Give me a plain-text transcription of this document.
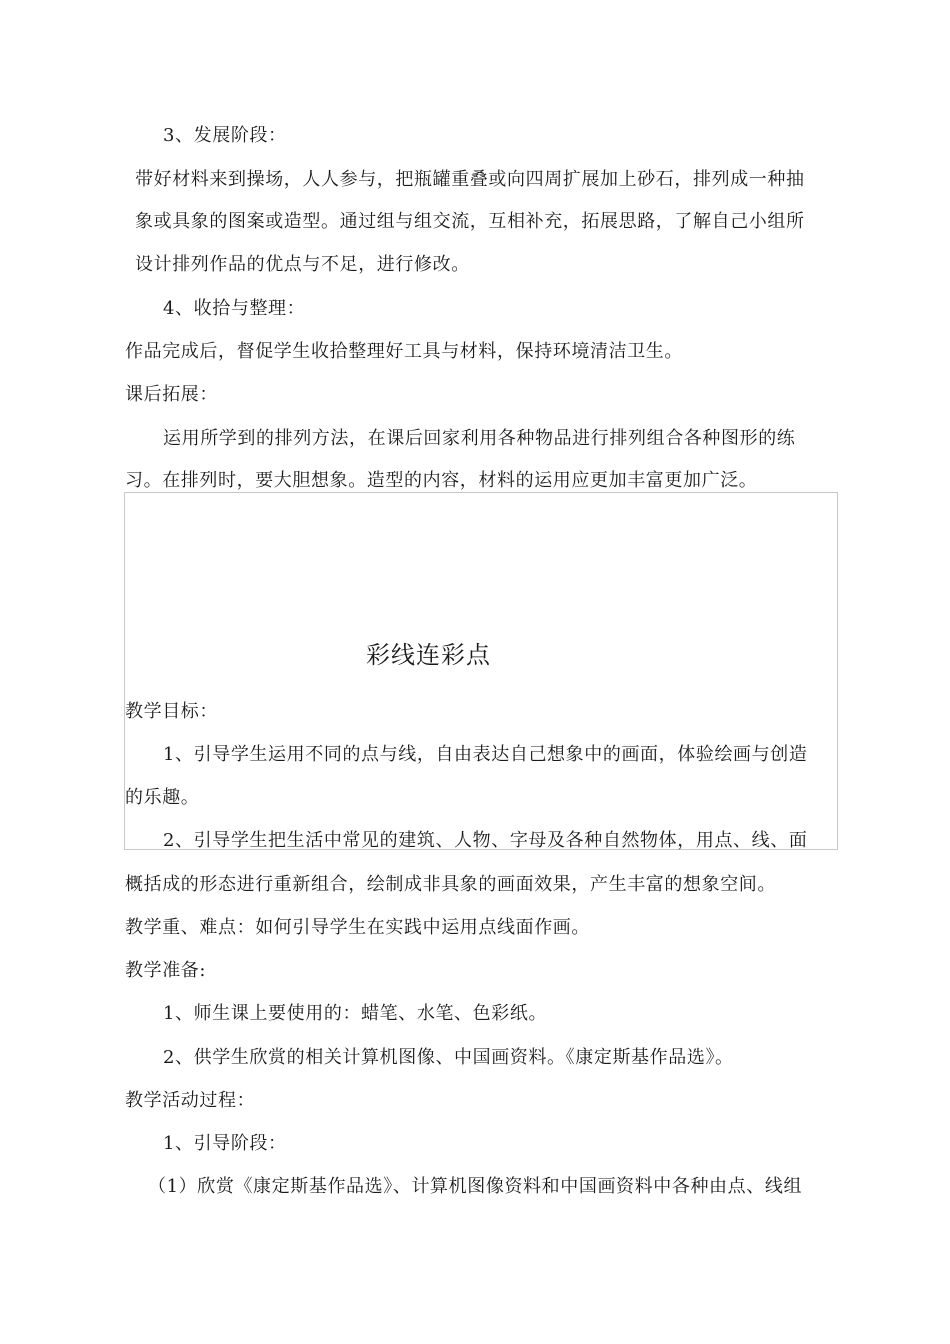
3、发展阶段：
带好材料来到操场，人人参与，把瓶罐重叠或向四周扩展加上砂石，排列成一种抽
象或具象的图案或造型。通过组与组交流，互相补充，拓展思路，了解自己小组所
设计排列作品的优点与不足，进行修改。
4、收拾与整理：
作品完成后，督促学生收拾整理好工具与材料，保持环境清洁卫生。
课后拓展：
运用所学到的排列方法，在课后回家利用各种物品进行排列组合各种图形的练
习。在排列时，要大胆想象。造型的内容，材料的运用应更加丰富更加广泛。
彩线连彩点
教学目标：
1、引导学生运用不同的点与线，自由表达自己想象中的画面，体验绘画与创造
的乐趣。
2、引导学生把生活中常见的建筑、人物、字母及各种自然物体，用点、线、面
概括成的形态进行重新组合，绘制成非具象的画面效果，产生丰富的想象空间。
教学重、难点：如何引导学生在实践中运用点线面作画。
教学准备:
1、师生课上要使用的：蜡笔、水笔、色彩纸。
2、供学生欣赏的相关计算机图像、中国画资料。《康定斯基作品选》。
教学活动过程：
1、引导阶段：
（1）欣赏《康定斯基作品选》、计算机图像资料和中国画资料中各种由点、线组
